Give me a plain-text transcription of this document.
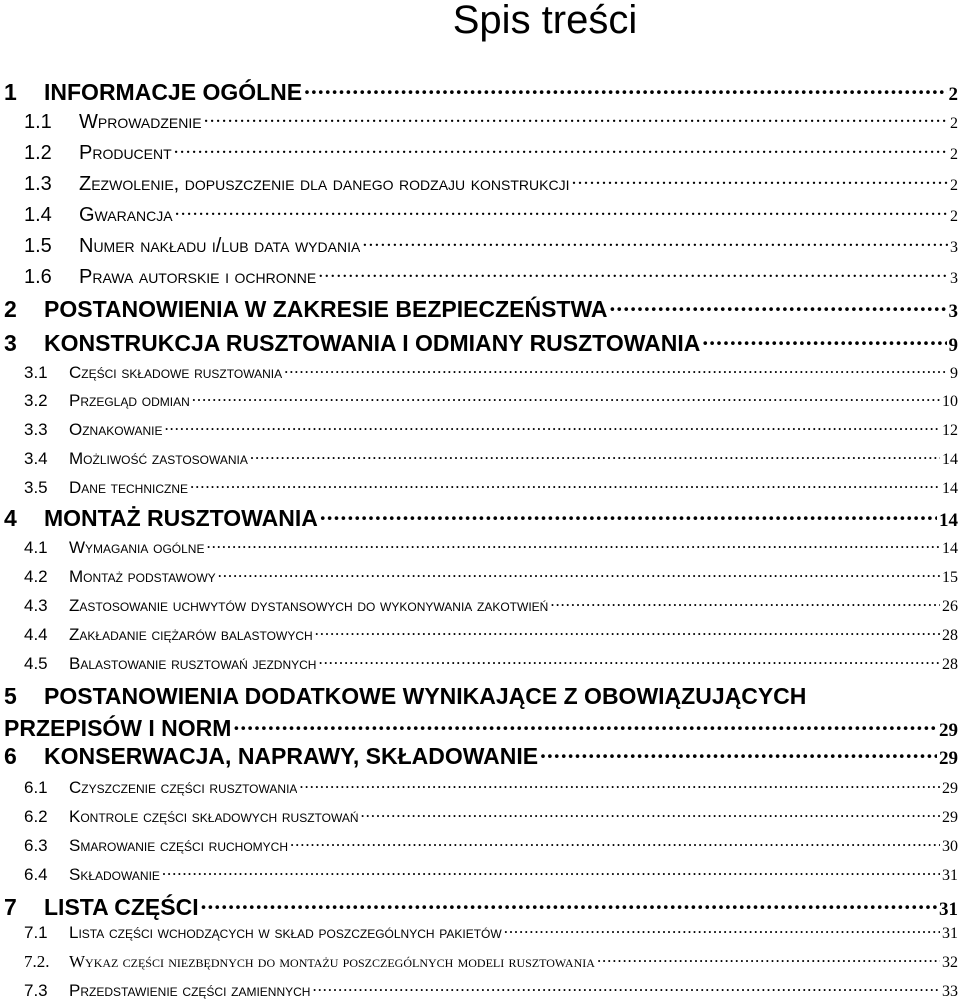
Spis treści
1	INFORMACJE OGÓLNE . . .	2
1.1	Wprowadzenie . . .	2
1.2	Producent . . .	2
1.3	Zezwolenie, dopuszczenie dla danego rodzaju konstrukcji . . .	2
1.4	Gwarancja . . .	2
1.5	Numer nakładu i/lub data wydania . . .	3
1.6	Prawa autorskie i ochronne . . .	3
2	POSTANOWIENIA W ZAKRESIE BEZPIECZEŃSTWA . . .	3
3	KONSTRUKCJA RUSZTOWANIA I ODMIANY RUSZTOWANIA . . .	9
3.1	Części składowe rusztowania . . .	9
3.2	Przegląd odmian . . .	10
3.3	Oznakowanie . . .	12
3.4	Możliwość zastosowania . . .	14
3.5	Dane techniczne . . .	14
4	MONTAŻ RUSZTOWANIA . . .	14
4.1	Wymagania ogólne . . .	14
4.2	Montaż podstawowy . . .	15
4.3	Zastosowanie uchwytów dystansowych do wykonywania zakotwień . . .	26
4.4	Zakładanie ciężarów balastowych . . .	28
4.5	Balastowanie rusztowań jezdnych . . .	28
5	POSTANOWIENIA DODATKOWE WYNIKAJĄCE Z OBOWIĄZUJĄCYCH
PRZEPISÓW I NORM . . .	29
6	KONSERWACJA, NAPRAWY, SKŁADOWANIE . . .	29
6.1	Czyszczenie części rusztowania . . .	29
6.2	Kontrole części składowych rusztowań . . .	29
6.3	Smarowanie części ruchomych . . .	30
6.4	Składowanie . . .	31
7	LISTA CZĘŚCI . . .	31
7.1	Lista części wchodzących w skład poszczególnych pakietów . . .	31
7.2.	Wykaz części niezbędnych do montażu poszczególnych modeli rusztowania . . .	32
7.3	Przedstawienie części zamiennych . . .	33
